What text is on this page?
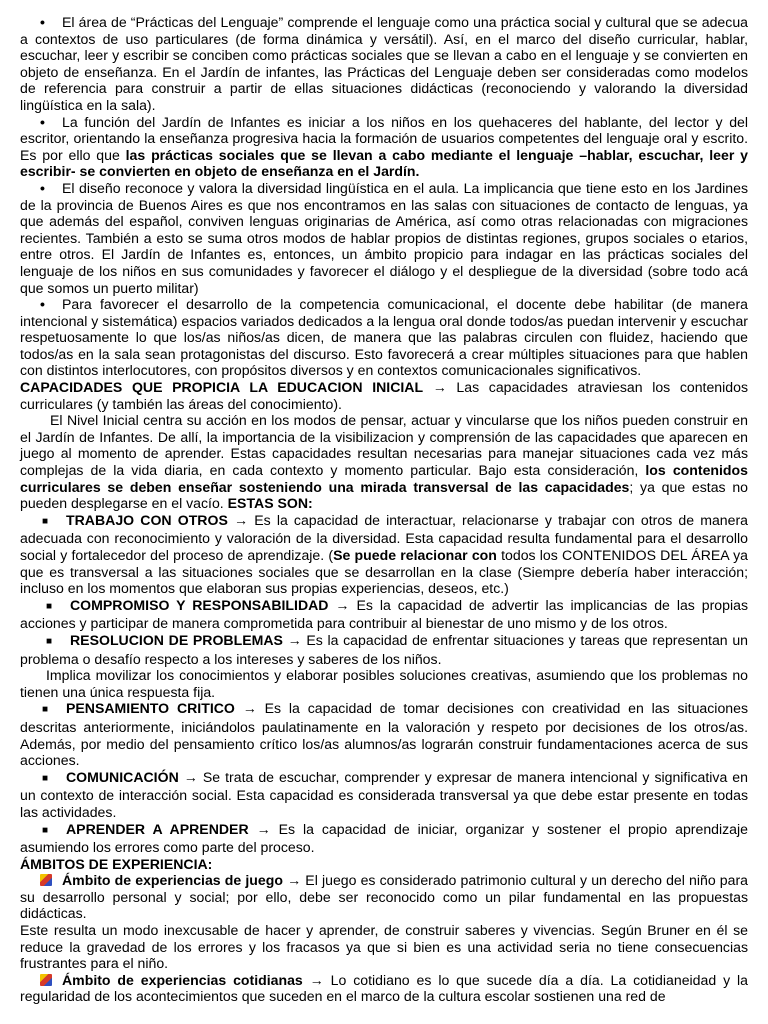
• El área de “Prácticas del Lenguaje” comprende el lenguaje como una práctica social y cultural que se adecua a contextos de uso particulares (de forma dinámica y versátil). Así, en el marco del diseño curricular, hablar, escuchar, leer y escribir se conciben como prácticas sociales que se llevan a cabo en el lenguaje y se convierten en objeto de enseñanza. En el Jardín de infantes, las Prácticas del Lenguaje deben ser consideradas como modelos de referencia para construir a partir de ellas situaciones didácticas (reconociendo y valorando la diversidad lingüística en la sala).

• La función del Jardín de Infantes es iniciar a los niños en los quehaceres del hablante, del lector y del escritor, orientando la enseñanza progresiva hacia la formación de usuarios competentes del lenguaje oral y escrito. Es por ello que las prácticas sociales que se llevan a cabo mediante el lenguaje –hablar, escuchar, leer y escribir- se convierten en objeto de enseñanza en el Jardín.

• El diseño reconoce y valora la diversidad lingüística en el aula. La implicancia que tiene esto en los Jardines de la provincia de Buenos Aires es que nos encontramos en las salas con situaciones de contacto de lenguas, ya que además del español, conviven lenguas originarias de América, así como otras relacionadas con migraciones recientes. También a esto se suma otros modos de hablar propios de distintas regiones, grupos sociales o etarios, entre otros. El Jardín de Infantes es, entonces, un ámbito propicio para indagar en las prácticas sociales del lenguaje de los niños en sus comunidades y favorecer el diálogo y el despliegue de la diversidad (sobre todo acá que somos un puerto militar)

• Para favorecer el desarrollo de la competencia comunicacional, el docente debe habilitar (de manera intencional y sistemática) espacios variados dedicados a la lengua oral donde todos/as puedan intervenir y escuchar respetuosamente lo que los/as niños/as dicen, de manera que las palabras circulen con fluidez, haciendo que todos/as en la sala sean protagonistas del discurso. Esto favorecerá a crear múltiples situaciones para que hablen con distintos interlocutores, con propósitos diversos y en contextos comunicacionales significativos.

CAPACIDADES QUE PROPICIA LA EDUCACION INICIAL → Las capacidades atraviesan los contenidos curriculares (y también las áreas del conocimiento).

El Nivel Inicial centra su acción en los modos de pensar, actuar y vincularse que los niños pueden construir en el Jardín de Infantes. De allí, la importancia de la visibilizacion y comprensión de las capacidades que aparecen en juego al momento de aprender. Estas capacidades resultan necesarias para manejar situaciones cada vez más complejas de la vida diaria, en cada contexto y momento particular. Bajo esta consideración, los contenidos curriculares se deben enseñar sosteniendo una mirada transversal de las capacidades; ya que estas no pueden desplegarse en el vacío. ESTAS SON:

■ TRABAJO CON OTROS → Es la capacidad de interactuar, relacionarse y trabajar con otros de manera adecuada con reconocimiento y valoración de la diversidad. Esta capacidad resulta fundamental para el desarrollo social y fortalecedor del proceso de aprendizaje. (Se puede relacionar con todos los CONTENIDOS DEL ÁREA ya que es transversal a las situaciones sociales que se desarrollan en la clase (Siempre debería haber interacción; incluso en los momentos que elaboran sus propias experiencias, deseos, etc.)

■ COMPROMISO Y RESPONSABILIDAD → Es la capacidad de advertir las implicancias de las propias acciones y participar de manera comprometida para contribuir al bienestar de uno mismo y de los otros.

■ RESOLUCION DE PROBLEMAS → Es la capacidad de enfrentar situaciones y tareas que representan un problema o desafío respecto a los intereses y saberes de los niños.

Implica movilizar los conocimientos y elaborar posibles soluciones creativas, asumiendo que los problemas no tienen una única respuesta fija.

■ PENSAMIENTO CRITICO → Es la capacidad de tomar decisiones con creatividad en las situaciones descritas anteriormente, iniciándolos paulatinamente en la valoración y respeto por decisiones de los otros/as. Además, por medio del pensamiento crítico los/as alumnos/as lograrán construir fundamentaciones acerca de sus acciones.

■ COMUNICACIÓN → Se trata de escuchar, comprender y expresar de manera intencional y significativa en un contexto de interacción social. Esta capacidad es considerada transversal ya que debe estar presente en todas las actividades.

■ APRENDER A APRENDER → Es la capacidad de iniciar, organizar y sostener el propio aprendizaje asumiendo los errores como parte del proceso.

ÁMBITOS DE EXPERIENCIA:

Ámbito de experiencias de juego → El juego es considerado patrimonio cultural y un derecho del niño para su desarrollo personal y social; por ello, debe ser reconocido como un pilar fundamental en las propuestas didácticas.

Este resulta un modo inexcusable de hacer y aprender, de construir saberes y vivencias. Según Bruner en él se reduce la gravedad de los errores y los fracasos ya que si bien es una actividad seria no tiene consecuencias frustrantes para el niño.

Ámbito de experiencias cotidianas → Lo cotidiano es lo que sucede día a día. La cotidianeidad y la regularidad de los acontecimientos que suceden en el marco de la cultura escolar sostienen una red de
